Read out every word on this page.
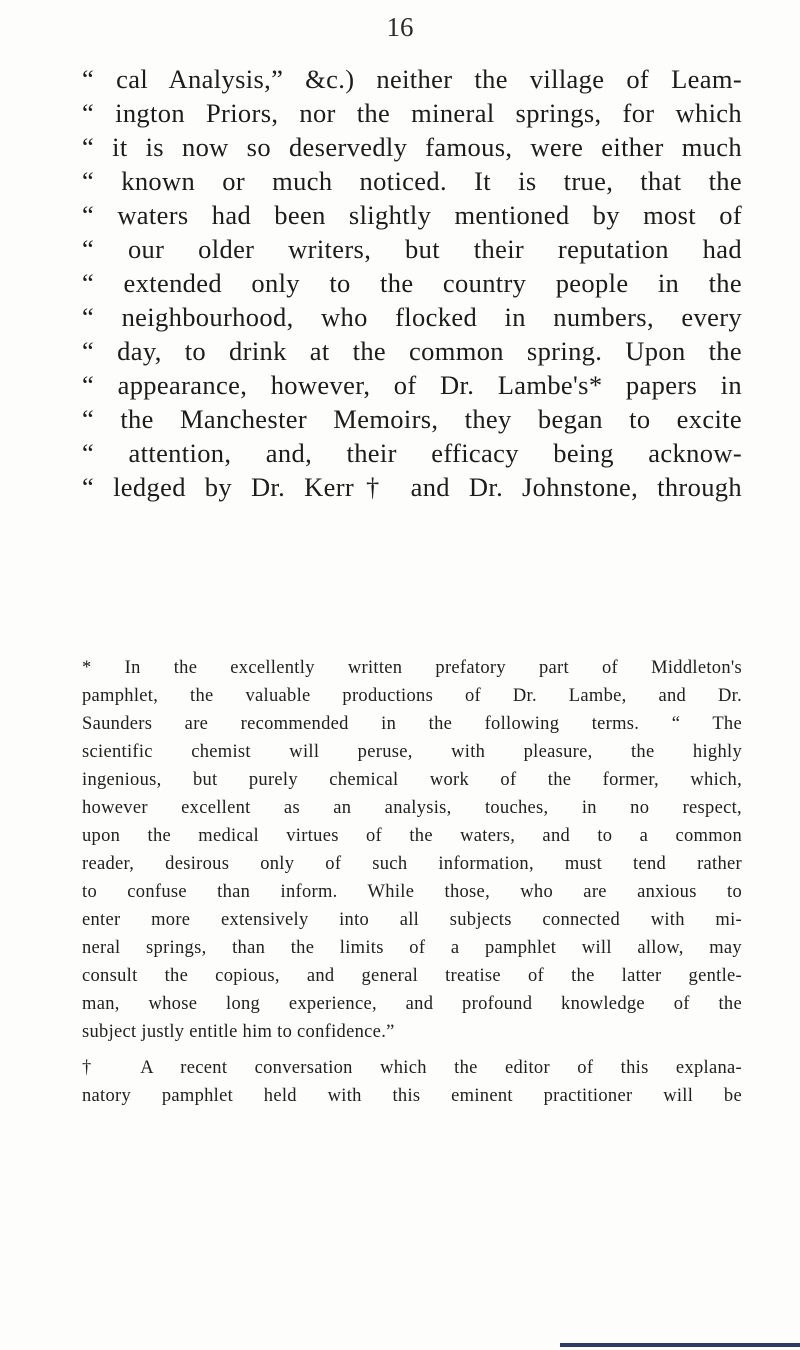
16
“ cal Analysis,” &c.) neither the village of Leam-
“ ington Priors, nor the mineral springs, for which
“ it is now so deservedly famous, were either much
“ known or much noticed. It is true, that the
“ waters had been slightly mentioned by most of
“ our older writers, but their reputation had
“ extended only to the country people in the
“ neighbourhood, who flocked in numbers, every
“ day, to drink at the common spring. Upon the
“ appearance, however, of Dr. Lambe's* papers in
“ the Manchester Memoirs, they began to excite
“ attention, and, their efficacy being acknow-
“ ledged by Dr. Kerr† and Dr. Johnstone, through
* In the excellently written prefatory part of Middleton's
pamphlet, the valuable productions of Dr. Lambe, and Dr.
Saunders are recommended in the following terms. “ The
scientific chemist will peruse, with pleasure, the highly
ingenious, but purely chemical work of the former, which,
however excellent as an analysis, touches, in no respect,
upon the medical virtues of the waters, and to a common
reader, desirous only of such information, must tend rather
to confuse than inform. While those, who are anxious to
enter more extensively into all subjects connected with mi-
neral springs, than the limits of a pamphlet will allow, may
consult the copious, and general treatise of the latter gentle-
man, whose long experience, and profound knowledge of the
subject justly entitle him to confidence.”
† A recent conversation which the editor of this explana-
natory pamphlet held with this eminent practitioner will be
